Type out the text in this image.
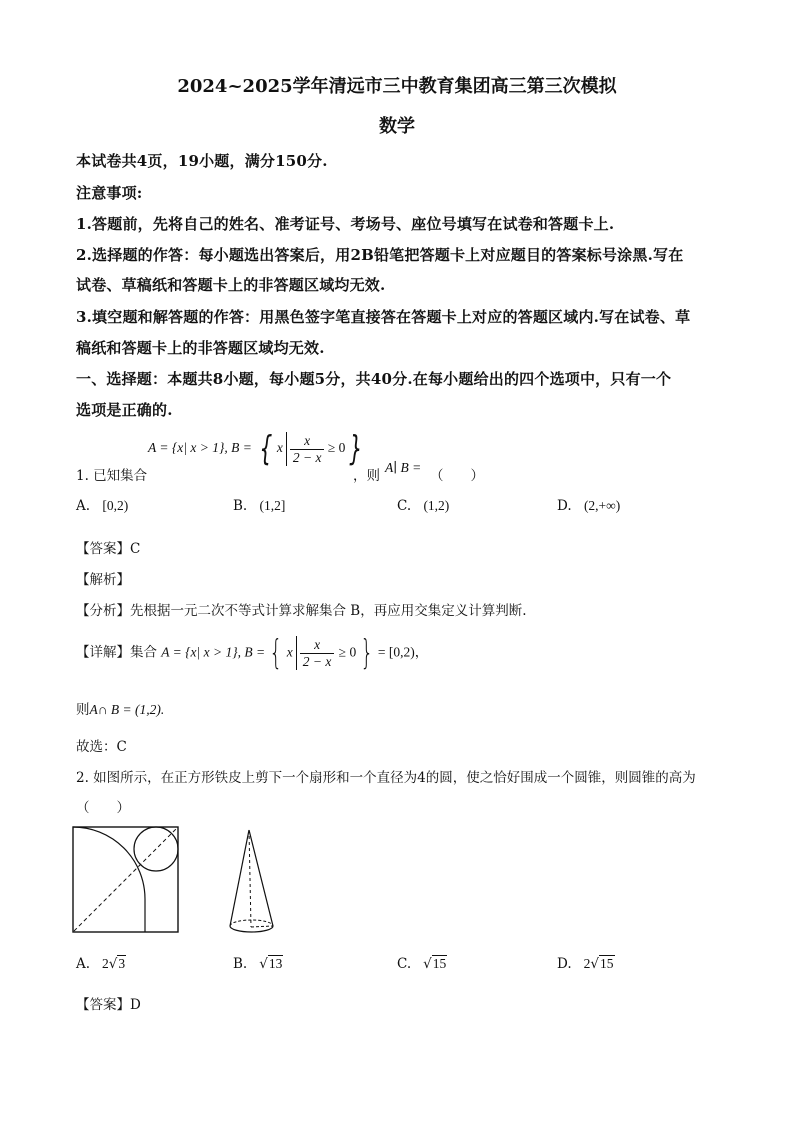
2024~2025学年清远市三中教育集团高三第三次模拟
数学
本试卷共4页，19小题，满分150分.
注意事项:
1.答题前，先将自己的姓名、准考证号、考场号、座位号填写在试卷和答题卡上.
2.选择题的作答：每小题选出答案后，用2B铅笔把答题卡上对应题目的答案标号涂黑.写在
试卷、草稿纸和答题卡上的非答题区域均无效.
3.填空题和解答题的作答：用黑色签字笔直接答在答题卡上对应的答题区域内.写在试卷、草
稿纸和答题卡上的非答题区域均无效.
一、选择题：本题共8小题，每小题5分，共40分.在每小题给出的四个选项中，只有一个
选项是正确的.
1. 已知集合
A = {x| x > 1}, B = { x $\frac{x}{2 - x} \ge 0$ }
，则
A∣ B =
（　　）
A. [0,2)	B. (1,2]	C. (1,2)	D. (2,+∞)
【答案】C
【解析】
【分析】先根据一元二次不等式计算求解集合 B，再应用交集定义计算判断.
【详解】集合 A = {x| x > 1}, B = { x $\frac{x}{2 - x} \ge 0$ } = [0,2)，
则A∩ B = (1,2).
故选：C
2. 如图所示，在正方形铁皮上剪下一个扇形和一个直径为4的圆，使之恰好围成一个圆锥，则圆锥的高为
（　　）
A. 2√3	B. √13	C. √15	D. 2√15
【答案】D
